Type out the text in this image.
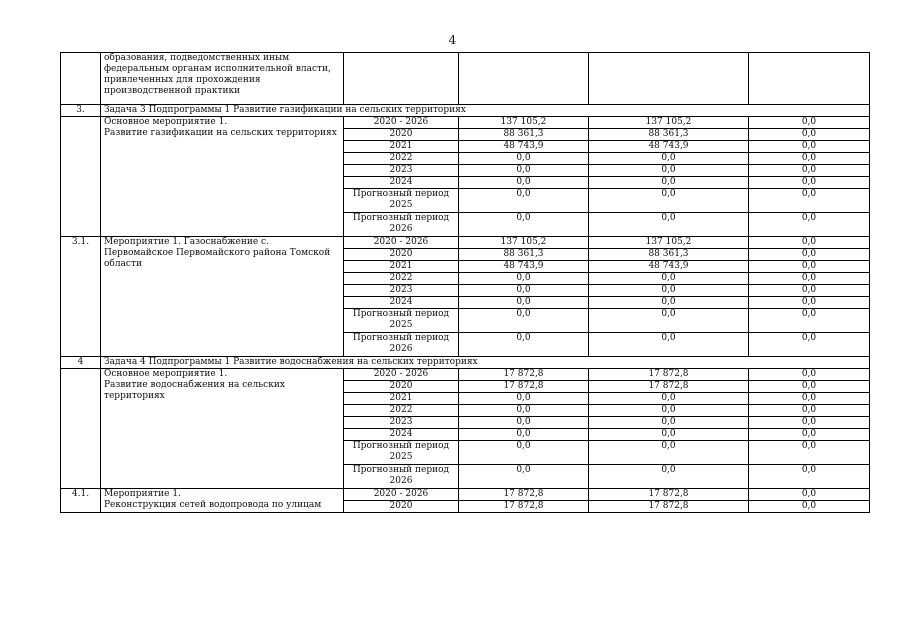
4
	образования, подведомственных иным федеральным органам исполнительной власти, привлеченных для прохождения производственной практики				
3.	Задача 3 Подпрограммы 1 Развитие газификации на сельских территориях				

	Основное мероприятие 1.
Развитие газификации на сельских территориях	2020 - 2026	137 105,2	137 105,2	0,0
		2020	88 361,3	88 361,3	0,0
		2021	48 743,9	48 743,9	0,0
		2022	0,0	0,0	0,0
		2023	0,0	0,0	0,0
		2024	0,0	0,0	0,0
		Прогнозный период 2025	0,0	0,0	0,0
		Прогнозный период 2026	0,0	0,0	0,0
3.1.	Мероприятие 1. Газоснабжение с. Первомайское Первомайского района Томской области	2020 - 2026	137 105,2	137 105,2	0,0
		2020	88 361,3	88 361,3	0,0
		2021	48 743,9	48 743,9	0,0
		2022	0,0	0,0	0,0
		2023	0,0	0,0	0,0
		2024	0,0	0,0	0,0
		Прогнозный период 2025	0,0	0,0	0,0
		Прогнозный период 2026	0,0	0,0	0,0
4	Задача 4 Подпрограммы 1 Развитие водоснабжения на сельских территориях				

	Основное мероприятие 1.
Развитие водоснабжения на сельских территориях	2020 - 2026	17 872,8	17 872,8	0,0
		2020	17 872,8	17 872,8	0,0
		2021	0,0	0,0	0,0
		2022	0,0	0,0	0,0
		2023	0,0	0,0	0,0
		2024	0,0	0,0	0,0
		Прогнозный период 2025	0,0	0,0	0,0
		Прогнозный период 2026	0,0	0,0	0,0
4.1.	Мероприятие 1.
Реконструкция сетей водопровода по улицам	2020 - 2026	17 872,8	17 872,8	0,0
		2020	17 872,8	17 872,8	0,0
